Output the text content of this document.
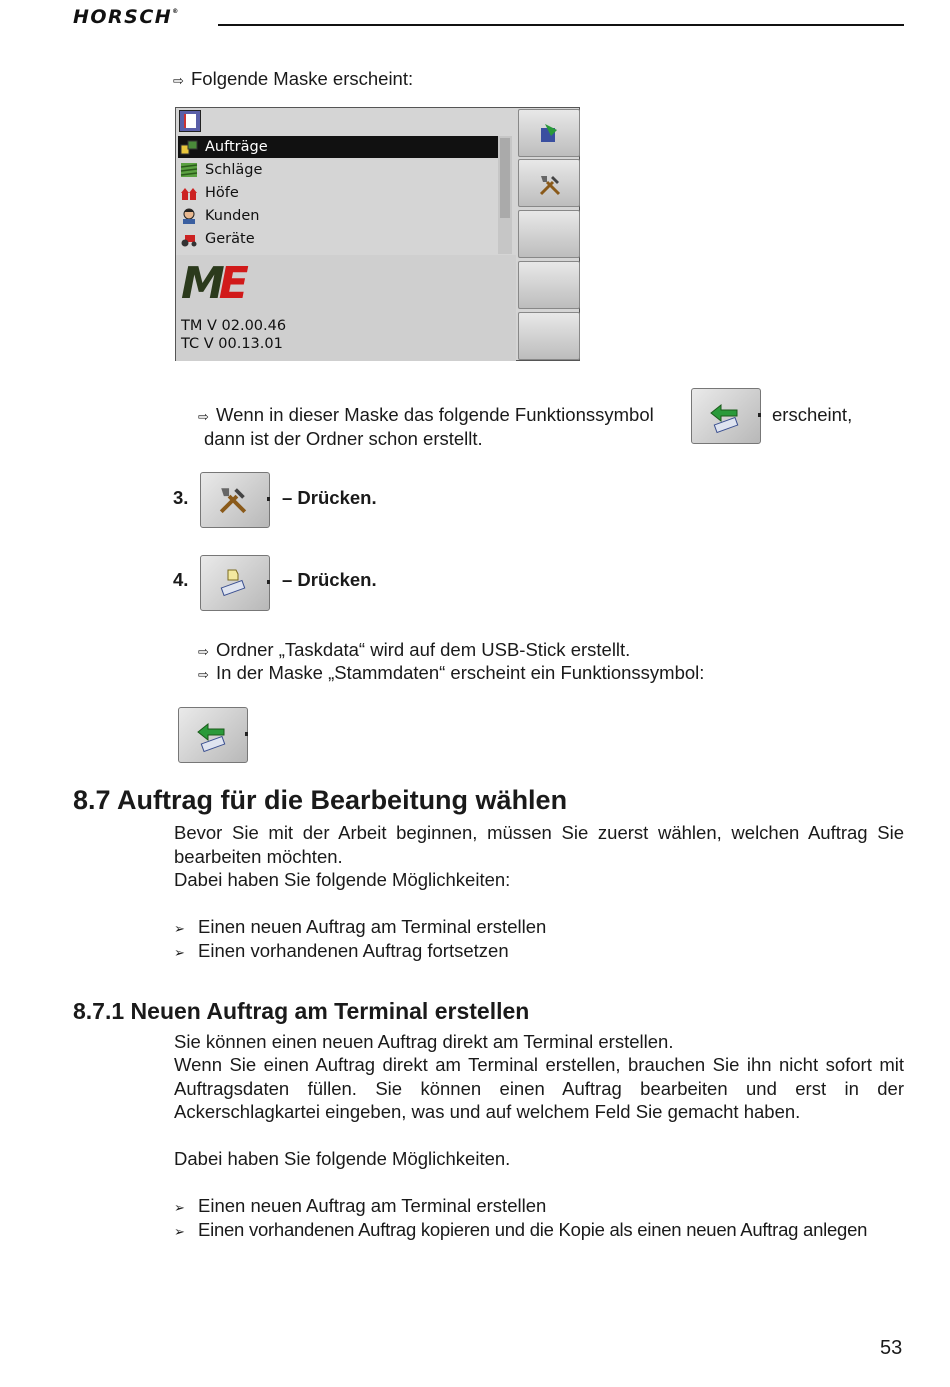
HORSCH®
⇨ Folgende Maske erscheint:
Aufträge
Schläge
Höfe
Kunden
Geräte
ME
TM V 02.00.46
TC V 00.13.01
⇨ Wenn in dieser Maske das folgende Funktionssymbol	erscheint,
dann ist der Ordner schon erstellt.
3.	– Drücken.
4.	– Drücken.
⇨ Ordner „Taskdata“ wird auf dem USB-Stick erstellt.
⇨ In der Maske „Stammdaten“ erscheint ein Funktionssymbol:
8.7 Auftrag für die Bearbeitung wählen
Bevor Sie mit der Arbeit beginnen, müssen Sie zuerst wählen, welchen Auftrag Sie bearbeiten möchten.
Dabei haben Sie folgende Möglichkeiten:
➢ Einen neuen Auftrag am Terminal erstellen
➢ Einen vorhandenen Auftrag fortsetzen
8.7.1 Neuen Auftrag am Terminal erstellen
Sie können einen neuen Auftrag direkt am Terminal erstellen.
Wenn Sie einen Auftrag direkt am Terminal erstellen, brauchen Sie ihn nicht sofort mit Auftragsdaten füllen. Sie können einen Auftrag bearbeiten und erst in der Ackerschlagkartei eingeben, was und auf welchem Feld Sie gemacht haben.
Dabei haben Sie folgende Möglichkeiten.
➢ Einen neuen Auftrag am Terminal erstellen
➢ Einen vorhandenen Auftrag kopieren und die Kopie als einen neuen Auftrag anlegen
53
